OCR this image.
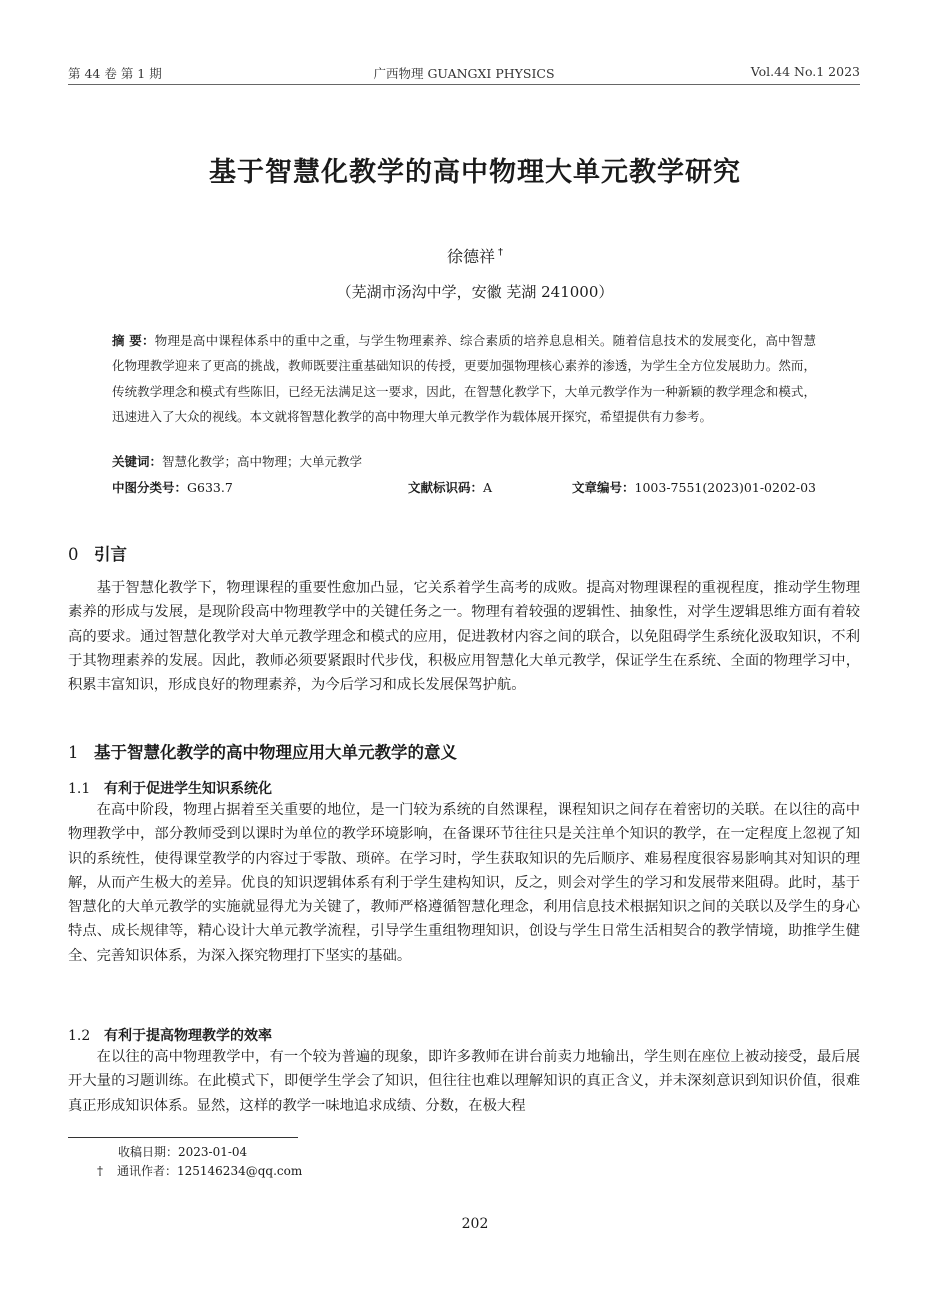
第 44 卷 第 1 期	广西物理 GUANGXI PHYSICS	Vol.44 No.1 2023
基于智慧化教学的高中物理大单元教学研究
徐德祥 †
（芜湖市汤沟中学，安徽 芜湖 241000）
摘 要：物理是高中课程体系中的重中之重，与学生物理素养、综合素质的培养息息相关。随着信息技术的发展变化，高中智慧化物理教学迎来了更高的挑战，教师既要注重基础知识的传授，更要加强物理核心素养的渗透，为学生全方位发展助力。然而，传统教学理念和模式有些陈旧，已经无法满足这一要求，因此，在智慧化教学下，大单元教学作为一种新颖的教学理念和模式，迅速进入了大众的视线。本文就将智慧化教学的高中物理大单元教学作为载体展开探究，希望提供有力参考。
关键词：智慧化教学；高中物理；大单元教学
中图分类号：G633.7	文献标识码：A	文章编号：1003-7551(2023)01-0202-03
0 引言
基于智慧化教学下，物理课程的重要性愈加凸显，它关系着学生高考的成败。提高对物理课程的重视程度，推动学生物理素养的形成与发展，是现阶段高中物理教学中的关键任务之一。物理有着较强的逻辑性、抽象性，对学生逻辑思维方面有着较高的要求。通过智慧化教学对大单元教学理念和模式的应用，促进教材内容之间的联合，以免阻碍学生系统化汲取知识，不利于其物理素养的发展。因此，教师必须要紧跟时代步伐，积极应用智慧化大单元教学，保证学生在系统、全面的物理学习中，积累丰富知识，形成良好的物理素养，为今后学习和成长发展保驾护航。
1 基于智慧化教学的高中物理应用大单元教学的意义
1.1 有利于促进学生知识系统化
在高中阶段，物理占据着至关重要的地位，是一门较为系统的自然课程，课程知识之间存在着密切的关联。在以往的高中物理教学中，部分教师受到以课时为单位的教学环境影响，在备课环节往往只是关注单个知识的教学，在一定程度上忽视了知识的系统性，使得课堂教学的内容过于零散、琐碎。在学习时，学生获取知识的先后顺序、难易程度很容易影响其对知识的理解，从而产生极大的差异。优良的知识逻辑体系有利于学生建构知识，反之，则会对学生的学习和发展带来阻碍。此时，基于智慧化的大单元教学的实施就显得尤为关键了，教师严格遵循智慧化理念，利用信息技术根据知识之间的关联以及学生的身心特点、成长规律等，精心设计大单元教学流程，引导学生重组物理知识，创设与学生日常生活相契合的教学情境，助推学生健全、完善知识体系，为深入探究物理打下坚实的基础。
1.2 有利于提高物理教学的效率
在以往的高中物理教学中，有一个较为普遍的现象，即许多教师在讲台前卖力地输出，学生则在座位上被动接受，最后展开大量的习题训练。在此模式下，即便学生学会了知识，但往往也难以理解知识的真正含义，并未深刻意识到知识价值，很难真正形成知识体系。显然，这样的教学一味地追求成绩、分数，在极大程
收稿日期：2023-01-04
† 通讯作者：125146234@qq.com
202
